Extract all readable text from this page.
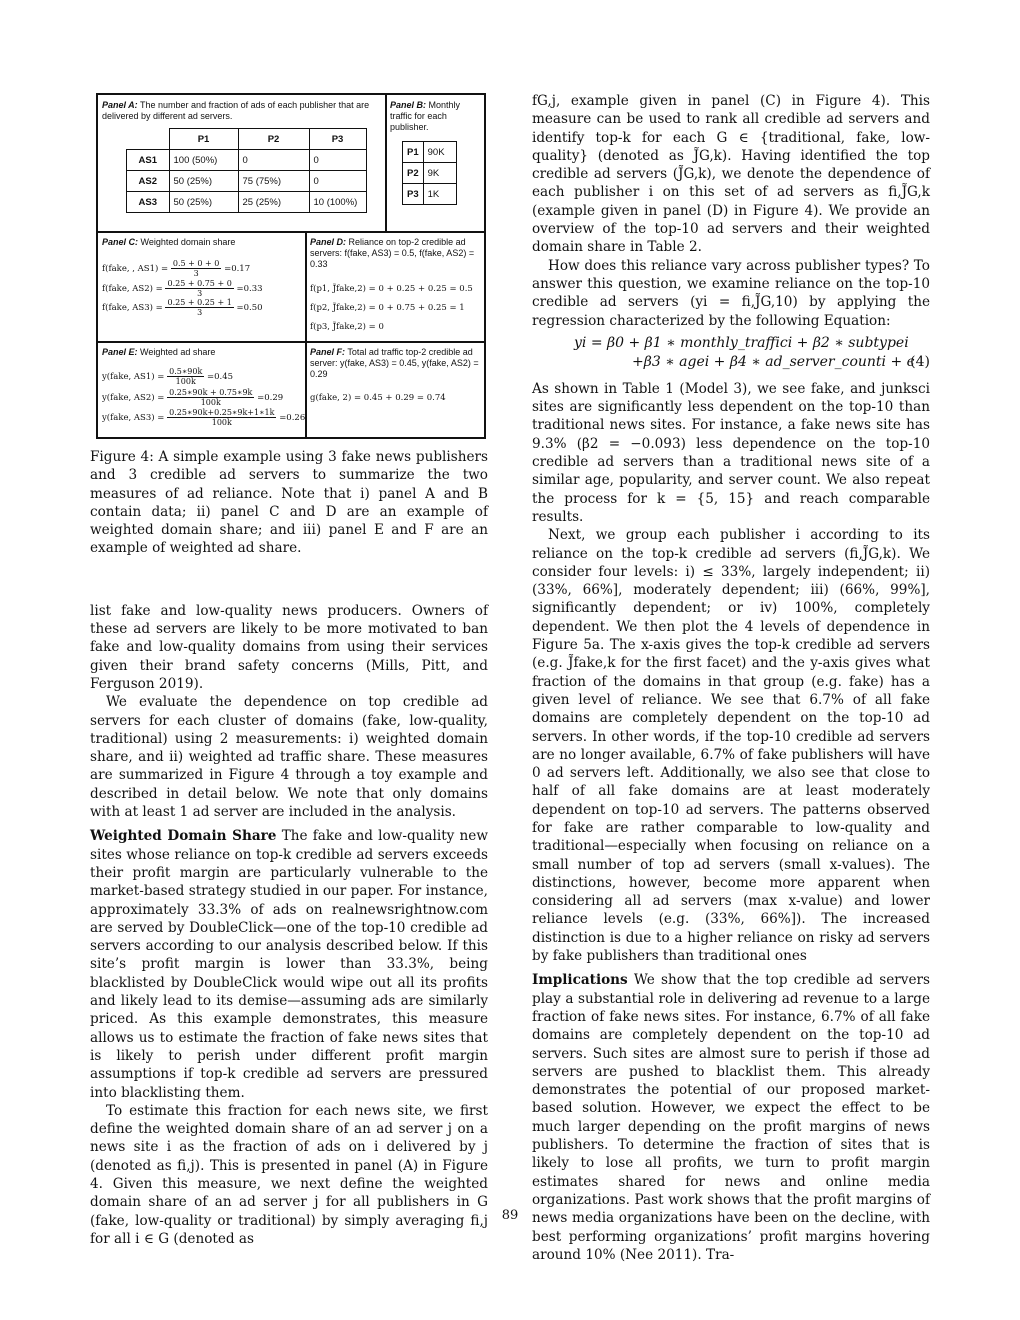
Panel A: The number and fraction of ads of each publisher that are delivered by different ad servers.
	P1	P2	P3
AS1	100 (50%)	0	0
AS2	50 (25%)	75 (75%)	0
AS3	50 (25%)	25 (25%)	10 (100%)
Panel B: Monthly traffic for each publisher.
P1	90K
P2	9K
P3	1K
Panel C: Weighted domain share
f(fake, , $AS1) = \frac{0.5 + 0 + 0}{3} =0.17$
f(fake, $AS2) = \frac{0.25 + 0.75 + 0}{3} =0.33$
f(fake, $AS3) = \frac{0.25 + 0.25 + 1}{3} =0.50$
Panel D: Reliance on top-2 credible ad servers: f(fake, AS3) = 0.5, f(fake, AS2) = 0.33
f(p1, J̃fake,2) = 0 + 0.25 + 0.25 = 0.5
f(p2, J̃fake,2) = 0 + 0.75 + 0.25 = 1
f(p3, J̃fake,2) = 0
Panel E: Weighted ad share
y(fake, $AS1) = \frac{0.5∗90k}{100k} =0.45$
y(fake, $AS2) = \frac{0.25∗90k + 0.75∗9k}{100k} =0.29$
y(fake, $AS3) = \frac{0.25∗90k+0.25∗9k+1∗1k}{100k} =0.26$
Panel F: Total ad traffic top-2 credible ad server: y(fake, AS3) = 0.45, y(fake, AS2) = 0.29
g(fake, 2) = 0.45 + 0.29 = 0.74

Figure 4: A simple example using 3 fake news publishers and 3 credible ad servers to summarize the two measures of ad reliance. Note that i) panel A and B contain data; ii) panel C and D are an example of weighted domain share; and iii) panel E and F are an example of weighted ad share.

list fake and low-quality news producers. Owners of these ad servers are likely to be more motivated to ban fake and low-quality domains from using their services given their brand safety concerns (Mills, Pitt, and Ferguson 2019).

We evaluate the dependence on top credible ad servers for each cluster of domains (fake, low-quality, traditional) using 2 measurements: i) weighted domain share, and ii) weighted ad traffic share. These measures are summarized in Figure 4 through a toy example and described in detail below. We note that only domains with at least 1 ad server are included in the analysis.

Weighted Domain Share The fake and low-quality new sites whose reliance on top-k credible ad servers exceeds their profit margin are particularly vulnerable to the market-based strategy studied in our paper. For instance, approximately 33.3% of ads on realnewsrightnow.com are served by DoubleClick—one of the top-10 credible ad servers according to our analysis described below. If this site’s profit margin is lower than 33.3%, being blacklisted by DoubleClick would wipe out all its profits and likely lead to its demise—assuming ads are similarly priced. As this example demonstrates, this measure allows us to estimate the fraction of fake news sites that is likely to perish under different profit margin assumptions if top-k credible ad servers are pressured into blacklisting them.

To estimate this fraction for each news site, we first define the weighted domain share of an ad server j on a news site i as the fraction of ads on i delivered by j (denoted as fi,j). This is presented in panel (A) in Figure 4. Given this measure, we next define the weighted domain share of an ad server j for all publishers in G (fake, low-quality or traditional) by simply averaging fi,j for all i ∈ G (denoted as

fG,j, example given in panel (C) in Figure 4). This measure can be used to rank all credible ad servers and identify top-k for each G ∈ {traditional, fake, low-quality} (denoted as J̃G,k). Having identified the top credible ad servers (J̃G,k), we denote the dependence of each publisher i on this set of ad servers as fi,J̃G,k (example given in panel (D) in Figure 4). We provide an overview of the top-10 ad servers and their weighted domain share in Table 2.

How does this reliance vary across publisher types? To answer this question, we examine reliance on the top-10 credible ad servers (yi = fi,J̃G,10) by applying the regression characterized by the following Equation:

yi = β0 + β1 ∗ monthly_traffici + β2 ∗ subtypei
+β3 ∗ agei + β4 ∗ ad_server_counti + ϵ
(4)

As shown in Table 1 (Model 3), we see fake, and junksci sites are significantly less dependent on the top-10 than traditional news sites. For instance, a fake news site has 9.3% (β2 = −0.093) less dependence on the top-10 credible ad servers than a traditional news site of a similar age, popularity, and server count. We also repeat the process for k = {5, 15} and reach comparable results.

Next, we group each publisher i according to its reliance on the top-k credible ad servers (fi,J̃G,k). We consider four levels: i) ≤ 33%, largely independent; ii) (33%, 66%], moderately dependent; iii) (66%, 99%], significantly dependent; or iv) 100%, completely dependent. We then plot the 4 levels of dependence in Figure 5a. The x-axis gives the top-k credible ad servers (e.g. J̃fake,k for the first facet) and the y-axis gives what fraction of the domains in that group (e.g. fake) has a given level of reliance. We see that 6.7% of all fake domains are completely dependent on the top-10 ad servers. In other words, if the top-10 credible ad servers are no longer available, 6.7% of fake publishers will have 0 ad servers left. Additionally, we also see that close to half of all fake domains are at least moderately dependent on top-10 ad servers. The patterns observed for fake are rather comparable to low-quality and traditional—especially when focusing on reliance on a small number of top ad servers (small x-values). The distinctions, however, become more apparent when considering all ad servers (max x-value) and lower reliance levels (e.g. (33%, 66%]). The increased distinction is due to a higher reliance on risky ad servers by fake publishers than traditional ones

Implications We show that the top credible ad servers play a substantial role in delivering ad revenue to a large fraction of fake news sites. For instance, 6.7% of all fake domains are completely dependent on the top-10 ad servers. Such sites are almost sure to perish if those ad servers are pushed to blacklist them. This already demonstrates the potential of our proposed market-based solution. However, we expect the effect to be much larger depending on the profit margins of news publishers. To determine the fraction of sites that is likely to lose all profits, we turn to profit margin estimates shared for news and online media organizations. Past work shows that the profit margins of news media organizations have been on the decline, with best performing organizations’ profit margins hovering around 10% (Nee 2011). Tra-

89
